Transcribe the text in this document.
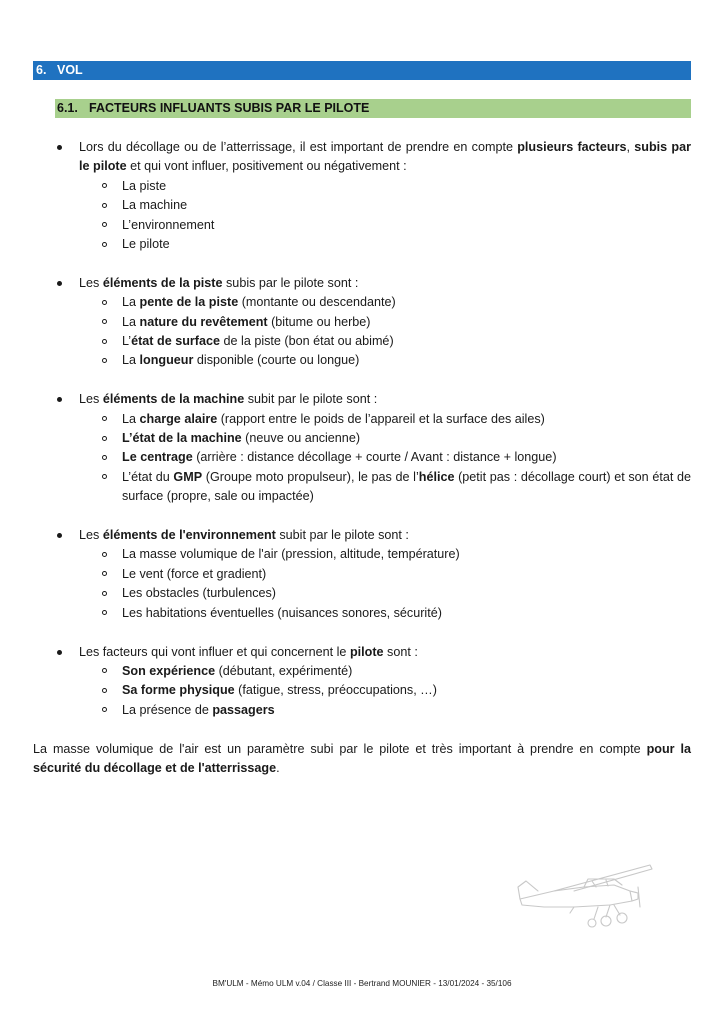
6. VOL
6.1. FACTEURS INFLUANTS SUBIS PAR LE PILOTE
Lors du décollage ou de l’atterrissage, il est important de prendre en compte plusieurs facteurs, subis par le pilote et qui vont influer, positivement ou négativement :
La piste
La machine
L’environnement
Le pilote
Les éléments de la piste subis par le pilote sont :
La pente de la piste (montante ou descendante)
La nature du revêtement (bitume ou herbe)
L’état de surface de la piste (bon état ou abimé)
La longueur disponible (courte ou longue)
Les éléments de la machine subit par le pilote sont :
La charge alaire (rapport entre le poids de l’appareil et la surface des ailes)
L’état de la machine (neuve ou ancienne)
Le centrage (arrière : distance décollage + courte / Avant : distance + longue)
L’état du GMP (Groupe moto propulseur), le pas de l’hélice (petit pas : décollage court) et son état de surface (propre, sale ou impactée)
Les éléments de l'environnement subit par le pilote sont :
La masse volumique de l'air (pression, altitude, température)
Le vent (force et gradient)
Les obstacles (turbulences)
Les habitations éventuelles (nuisances sonores, sécurité)
Les facteurs qui vont influer et qui concernent le pilote sont :
Son expérience (débutant, expérimenté)
Sa forme physique (fatigue, stress, préoccupations, …)
La présence de passagers

La masse volumique de l'air est un paramètre subi par le pilote et très important à prendre en compte pour la sécurité du décollage et de l'atterrissage.

BM'ULM - Mémo ULM v.04 / Classe III - Bertrand MOUNIER - 13/01/2024 - 35/106
